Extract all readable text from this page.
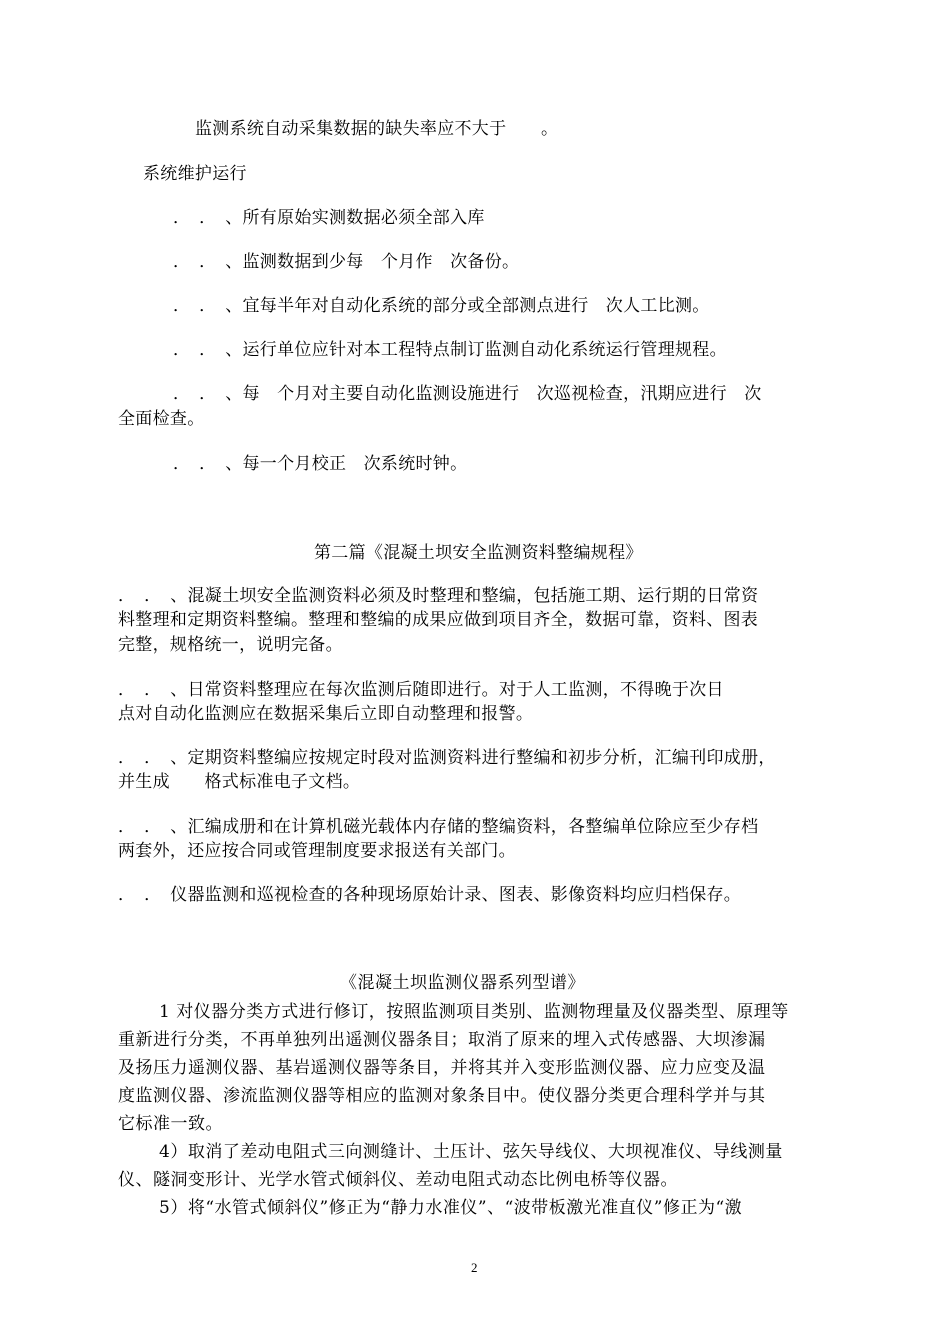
监测系统自动采集数据的缺失率应不大于　　。

系统维护运行

．　．　、所有原始实测数据必须全部入库

．　．　、监测数据到少每　个月作　次备份。

．　．　、宜每半年对自动化系统的部分或全部测点进行　次人工比测。

．　．　、运行单位应针对本工程特点制订监测自动化系统运行管理规程。

．　．　、每　个月对主要自动化监测设施进行　次巡视检查，汛期应进行　次

全面检查。

．　．　、每一个月校正　次系统时钟。

第二篇《混凝土坝安全监测资料整编规程》

．　．　、混凝土坝安全监测资料必须及时整理和整编，包括施工期、运行期的日常资

料整理和定期资料整编。整理和整编的成果应做到项目齐全，数据可靠，资料、图表

完整，规格统一，说明完备。

．　．　、日常资料整理应在每次监测后随即进行。对于人工监测，不得晚于次日

点对自动化监测应在数据采集后立即自动整理和报警。

．　．　、定期资料整编应按规定时段对监测资料进行整编和初步分析，汇编刊印成册，

并生成　　格式标准电子文档。

．　．　、汇编成册和在计算机磁光载体内存储的整编资料，各整编单位除应至少存档

两套外，还应按合同或管理制度要求报送有关部门。

．　．　仪器监测和巡视检查的各种现场原始计录、图表、影像资料均应归档保存。

《混凝土坝监测仪器系列型谱》

1 对仪器分类方式进行修订，按照监测项目类别、监测物理量及仪器类型、原理等

重新进行分类，不再单独列出遥测仪器条目；取消了原来的埋入式传感器、大坝渗漏

及扬压力遥测仪器、基岩遥测仪器等条目，并将其并入变形监测仪器、应力应变及温

度监测仪器、渗流监测仪器等相应的监测对象条目中。使仪器分类更合理科学并与其

它标准一致。

4）取消了差动电阻式三向测缝计、土压计、弦矢导线仪、大坝视准仪、导线测量

仪、隧洞变形计、光学水管式倾斜仪、差动电阻式动态比例电桥等仪器。

5）将“水管式倾斜仪”修正为“静力水准仪”、“波带板激光准直仪”修正为“激

2
